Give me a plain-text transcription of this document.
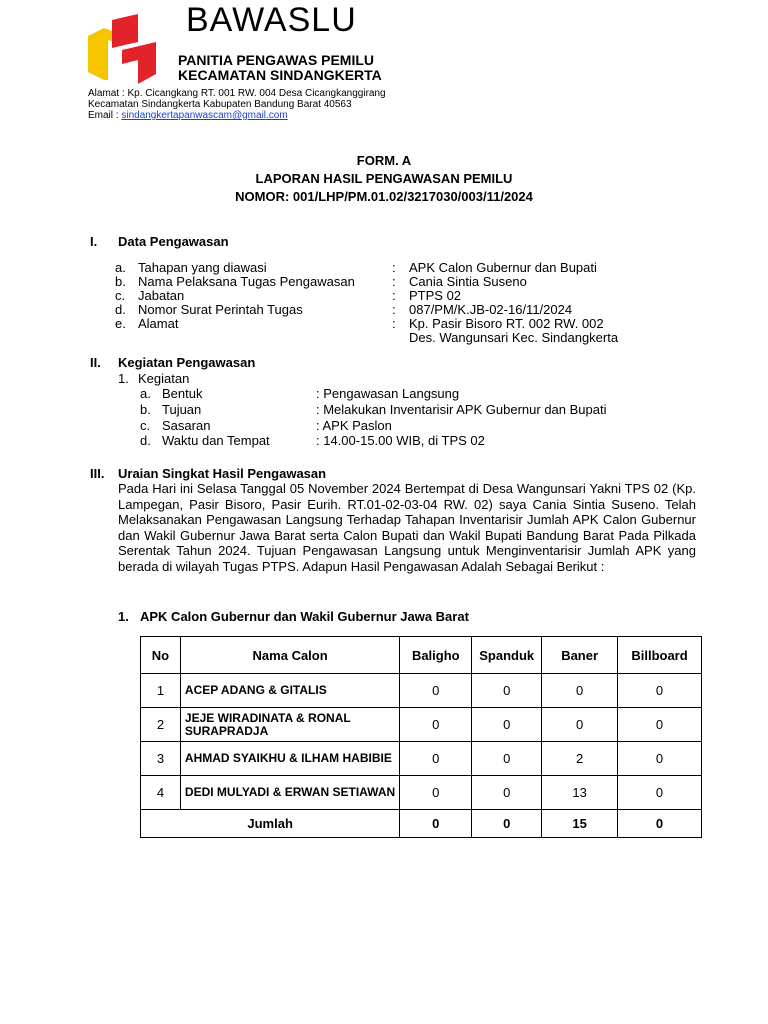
BAWASLU
PANITIA PENGAWAS PEMILU
KECAMATAN SINDANGKERTA
Alamat : Kp. Cicangkang RT. 001 RW. 004 Desa Cicangkanggirang
Kecamatan Sindangkerta Kabupaten Bandung Barat 40563
Email : sindangkertapanwascam@gmail.com
FORM. A
LAPORAN HASIL PENGAWASAN PEMILU
NOMOR: 001/LHP/PM.01.02/3217030/003/11/2024
I. Data Pengawasan
a. Tahapan yang diawasi	: APK Calon Gubernur dan Bupati
b. Nama Pelaksana Tugas Pengawasan	: Cania Sintia Suseno
c. Jabatan	: PTPS 02
d. Nomor Surat Perintah Tugas	: 087/PM/K.JB-02-16/11/2024
e. Alamat	: Kp. Pasir Bisoro RT. 002 RW. 002
Des. Wangunsari Kec. Sindangkerta
II. Kegiatan Pengawasan
1. Kegiatan
a. Bentuk	: Pengawasan Langsung
b. Tujuan	: Melakukan Inventarisir APK Gubernur dan Bupati
c. Sasaran	: APK Paslon
d. Waktu dan Tempat	: 14.00-15.00 WIB, di TPS 02
III. Uraian Singkat Hasil Pengawasan
Pada Hari ini Selasa Tanggal 05 November 2024 Bertempat di Desa Wangunsari Yakni TPS 02 (Kp. Lampegan, Pasir Bisoro, Pasir Eurih. RT.01-02-03-04 RW. 02) saya Cania Sintia Suseno. Telah Melaksanakan Pengawasan Langsung Terhadap Tahapan Inventarisir Jumlah APK Calon Gubernur dan Wakil Gubernur Jawa Barat serta Calon Bupati dan Wakil Bupati Bandung Barat Pada Pilkada Serentak Tahun 2024. Tujuan Pengawasan Langsung untuk Menginventarisir Jumlah APK yang berada di wilayah Tugas PTPS. Adapun Hasil Pengawasan Adalah Sebagai Berikut :
1. APK Calon Gubernur dan Wakil Gubernur Jawa Barat
No	Nama Calon	Baligho	Spanduk	Baner	Billboard
1	ACEP ADANG & GITALIS	0	0	0	0
2	JEJE WIRADINATA & RONAL SURAPRADJA	0	0	0	0
3	AHMAD SYAIKHU & ILHAM HABIBIE	0	0	2	0
4	DEDI MULYADI & ERWAN SETIAWAN	0	0	13	0
Jumlah		0	0	15	0
